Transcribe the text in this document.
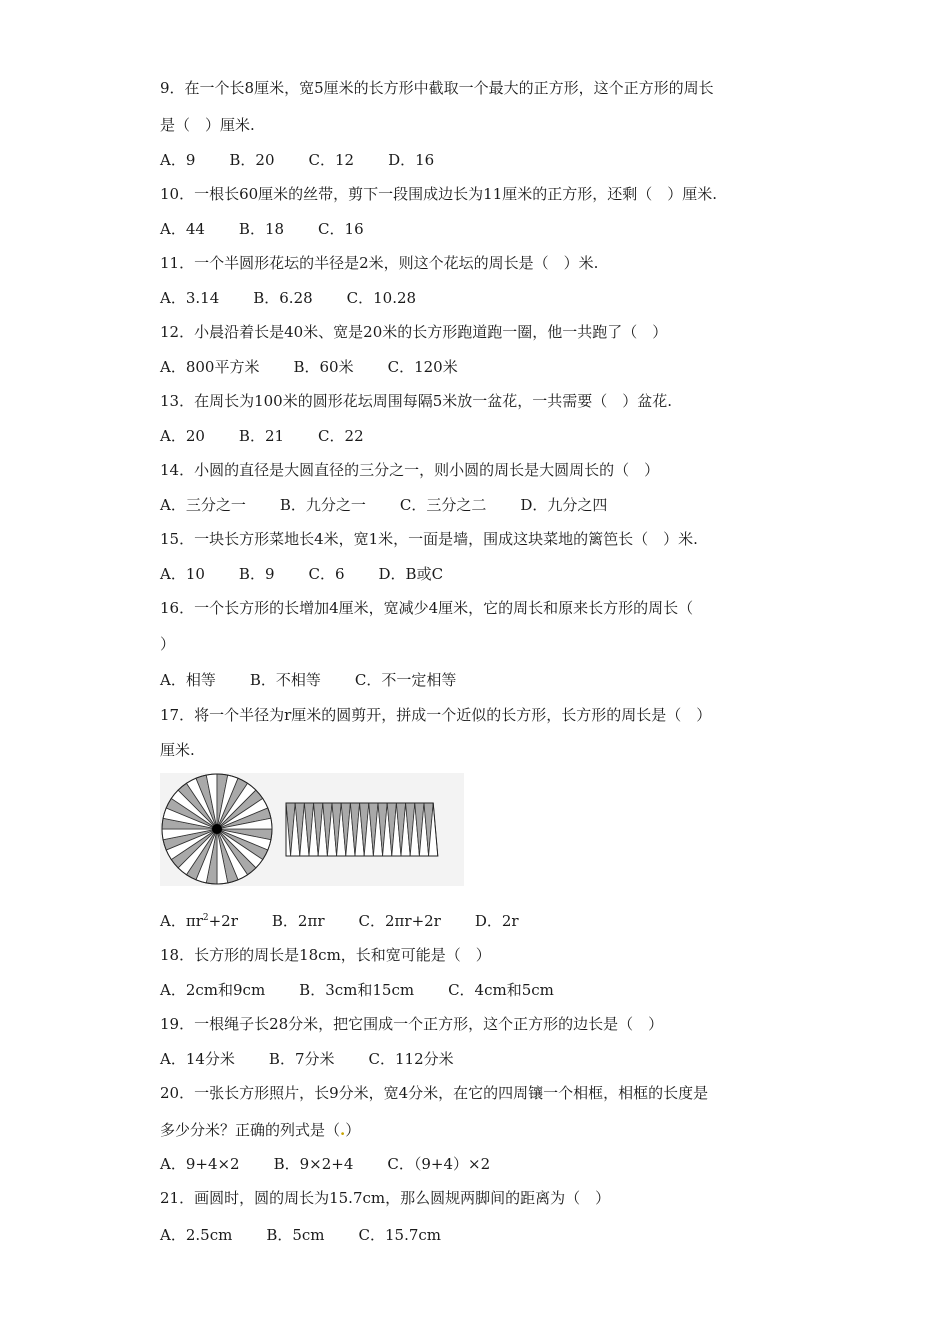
9．在一个长8厘米，宽5厘米的长方形中截取一个最大的正方形，这个正方形的周长
是（　）厘米.
A．9 B．20 C．12 D．16
10．一根长60厘米的丝带，剪下一段围成边长为11厘米的正方形，还剩（　）厘米.
A．44 B．18 C．16
11．一个半圆形花坛的半径是2米，则这个花坛的周长是（　）米.
A．3.14 B．6.28 C．10.28
12．小晨沿着长是40米、宽是20米的长方形跑道跑一圈，他一共跑了（　）
A．800平方米 B．60米 C．120米
13．在周长为100米的圆形花坛周围每隔5米放一盆花，一共需要（　）盆花.
A．20 B．21 C．22
14．小圆的直径是大圆直径的三分之一，则小圆的周长是大圆周长的（　）
A．三分之一 B．九分之一 C．三分之二 D．九分之四
15．一块长方形菜地长4米，宽1米，一面是墙，围成这块菜地的篱笆长（　）米.
A．10 B．9 C．6 D．B或C
16．一个长方形的长增加4厘米，宽减少4厘米，它的周长和原来长方形的周长（
）
A．相等 B．不相等 C．不一定相等
17．将一个半径为r厘米的圆剪开，拼成一个近似的长方形，长方形的周长是（　）
厘米.
A．$\pi r^2+2r$ B．2πr C．2πr+2r D．2r
18．长方形的周长是18cm，长和宽可能是（　）
A．2cm和9cm B．3cm和15cm C．4cm和5cm
19．一根绳子长28分米，把它围成一个正方形，这个正方形的边长是（　）
A．14分米 B．7分米 C．112分米
20．一张长方形照片，长9分米，宽4分米，在它的四周镶一个相框，相框的长度是
多少分米？正确的列式是（.）
A．9+4×2 B．9×2+4 C．（9+4）×2
21．画圆时，圆的周长为15.7cm，那么圆规两脚间的距离为（　）
A．2.5cm B．5cm C．15.7cm
